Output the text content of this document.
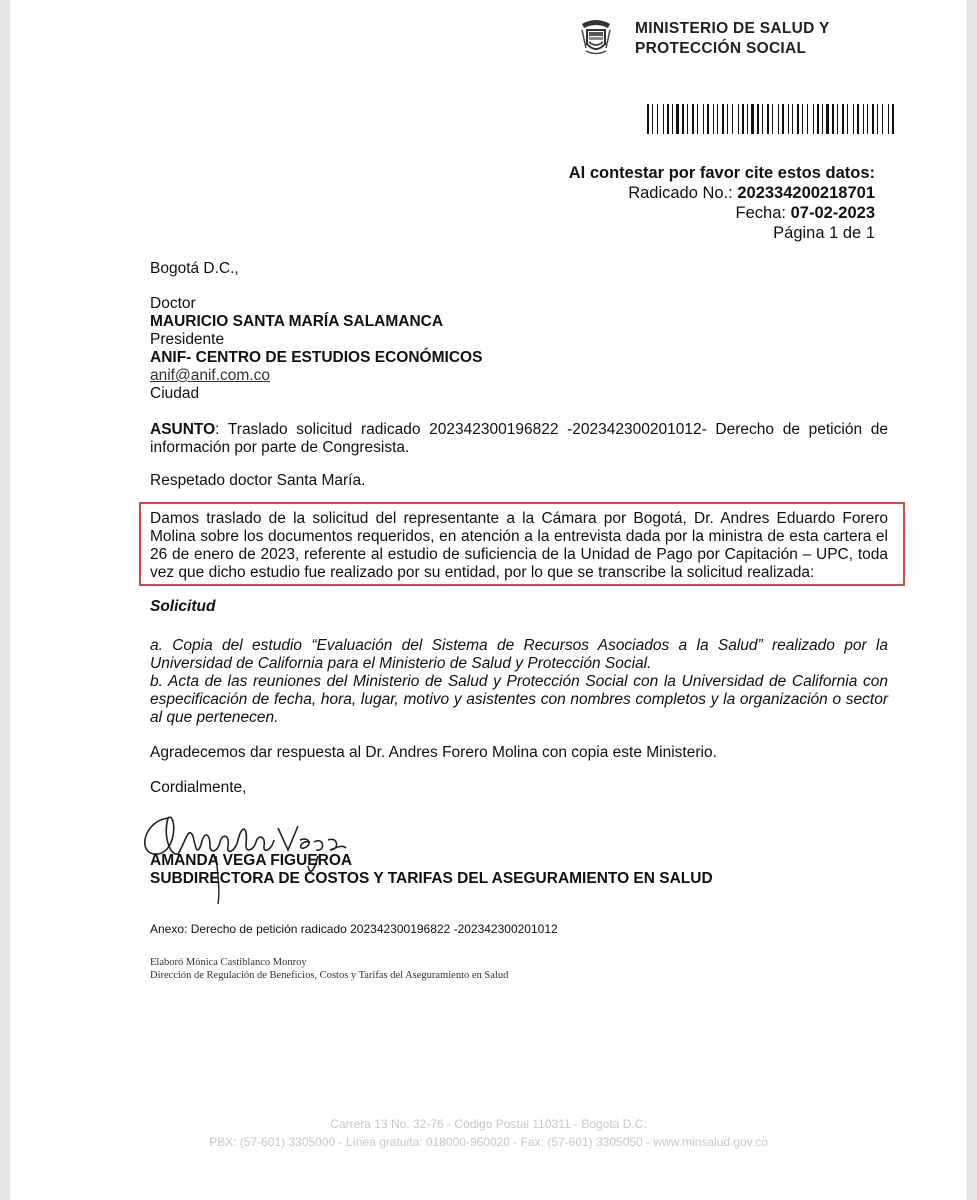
MINISTERIO DE SALUD Y
PROTECCIÓN SOCIAL
Al contestar por favor cite estos datos:
Radicado No.: 202334200218701
Fecha: 07-02-2023
Página 1 de 1
Bogotá D.C.,
Doctor
MAURICIO SANTA MARÍA SALAMANCA
Presidente
ANIF- CENTRO DE ESTUDIOS ECONÓMICOS
anif@anif.com.co
Ciudad
ASUNTO: Traslado solicitud radicado 202342300196822 -202342300201012- Derecho de petición de información por parte de Congresista.
Respetado doctor Santa María.
Damos traslado de la solicitud del representante a la Cámara por Bogotá, Dr. Andres Eduardo Forero Molina sobre los documentos requeridos, en atención a la entrevista dada por la ministra de esta cartera el 26 de enero de 2023, referente al estudio de suficiencia de la Unidad de Pago por Capitación – UPC, toda vez que dicho estudio fue realizado por su entidad, por lo que se transcribe la solicitud realizada:
Solicitud
a. Copia del estudio “Evaluación del Sistema de Recursos Asociados a la Salud” realizado por la Universidad de California para el Ministerio de Salud y Protección Social.
b. Acta de las reuniones del Ministerio de Salud y Protección Social con la Universidad de California con especificación de fecha, hora, lugar, motivo y asistentes con nombres completos y la organización o sector al que pertenecen.
Agradecemos dar respuesta al Dr. Andres Forero Molina con copia este Ministerio.
Cordialmente,
AMANDA VEGA FIGUEROA
SUBDIRECTORA DE COSTOS Y TARIFAS DEL ASEGURAMIENTO EN SALUD
Anexo: Derecho de petición radicado 202342300196822 -202342300201012
Elaboró Mónica Castiblanco Monroy
Dirección de Regulación de Beneficios, Costos y Tarifas del Aseguramiento en Salud
Carrera 13 No. 32-76 - Código Postal 110311 - Bogotá D.C.
PBX: (57-601) 3305000 - Línea gratuita: 018000-960020 - Fax: (57-601) 3305050 - www.minsalud.gov.co
